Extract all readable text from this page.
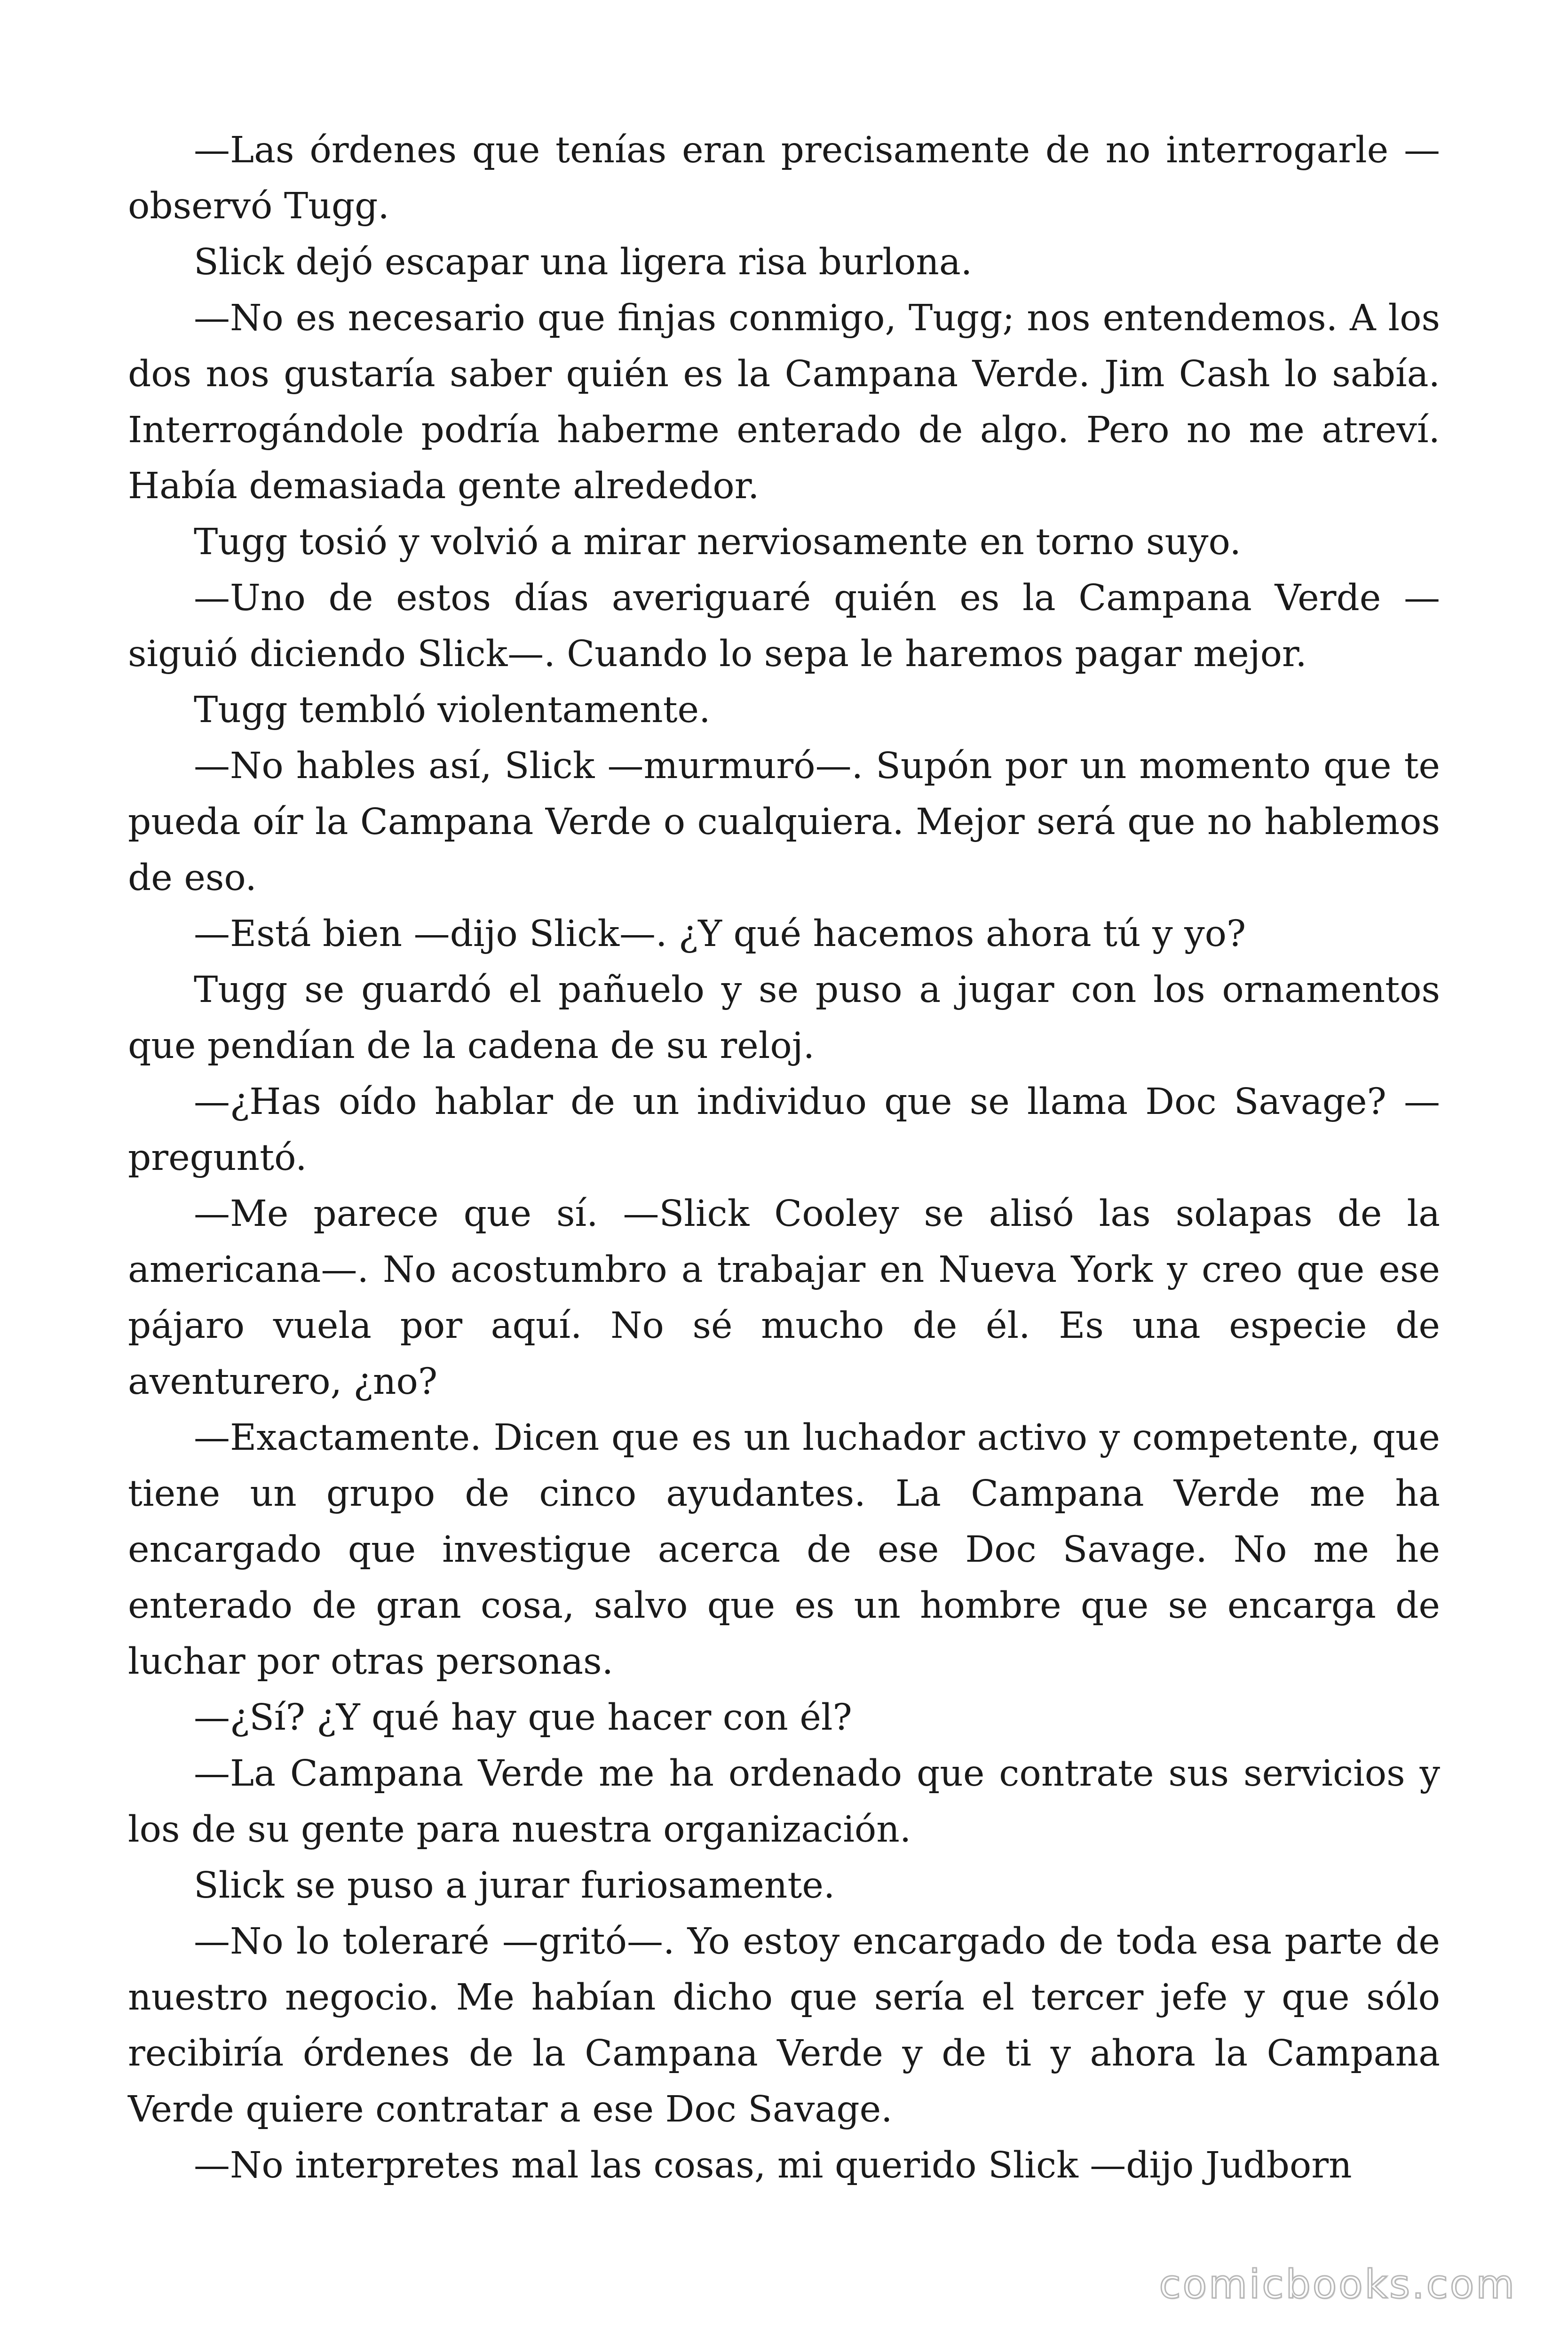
—Las órdenes que tenías eran precisamente de no interrogarle —observó Tugg.

Slick dejó escapar una ligera risa burlona.

—No es necesario que finjas conmigo, Tugg; nos entendemos. A los dos nos gustaría saber quién es la Campana Verde. Jim Cash lo sabía. Interrogándole podría haberme enterado de algo. Pero no me atreví. Había demasiada gente alrededor.

Tugg tosió y volvió a mirar nerviosamente en torno suyo.

—Uno de estos días averiguaré quién es la Campana Verde — siguió diciendo Slick—. Cuando lo sepa le haremos pagar mejor.

Tugg tembló violentamente.

—No hables así, Slick —murmuró—. Supón por un momento que te pueda oír la Campana Verde o cualquiera. Mejor será que no hablemos de eso.

—Está bien —dijo Slick—. ¿Y qué hacemos ahora tú y yo?

Tugg se guardó el pañuelo y se puso a jugar con los ornamentos que pendían de la cadena de su reloj.

—¿Has oído hablar de un individuo que se llama Doc Savage? — preguntó.

—Me parece que sí. —Slick Cooley se alisó las solapas de la americana—. No acostumbro a trabajar en Nueva York y creo que ese pájaro vuela por aquí. No sé mucho de él. Es una especie de aventurero, ¿no?

—Exactamente. Dicen que es un luchador activo y competente, que tiene un grupo de cinco ayudantes. La Campana Verde me ha encargado que investigue acerca de ese Doc Savage. No me he enterado de gran cosa, salvo que es un hombre que se encarga de luchar por otras personas.

—¿Sí? ¿Y qué hay que hacer con él?

—La Campana Verde me ha ordenado que contrate sus servicios y los de su gente para nuestra organización.

Slick se puso a jurar furiosamente.

—No lo toleraré —gritó—. Yo estoy encargado de toda esa parte de nuestro negocio. Me habían dicho que sería el tercer jefe y que sólo recibiría órdenes de la Campana Verde y de ti y ahora la Campana Verde quiere contratar a ese Doc Savage.

—No interpretes mal las cosas, mi querido Slick —dijo Judborn

comicbooks.com
